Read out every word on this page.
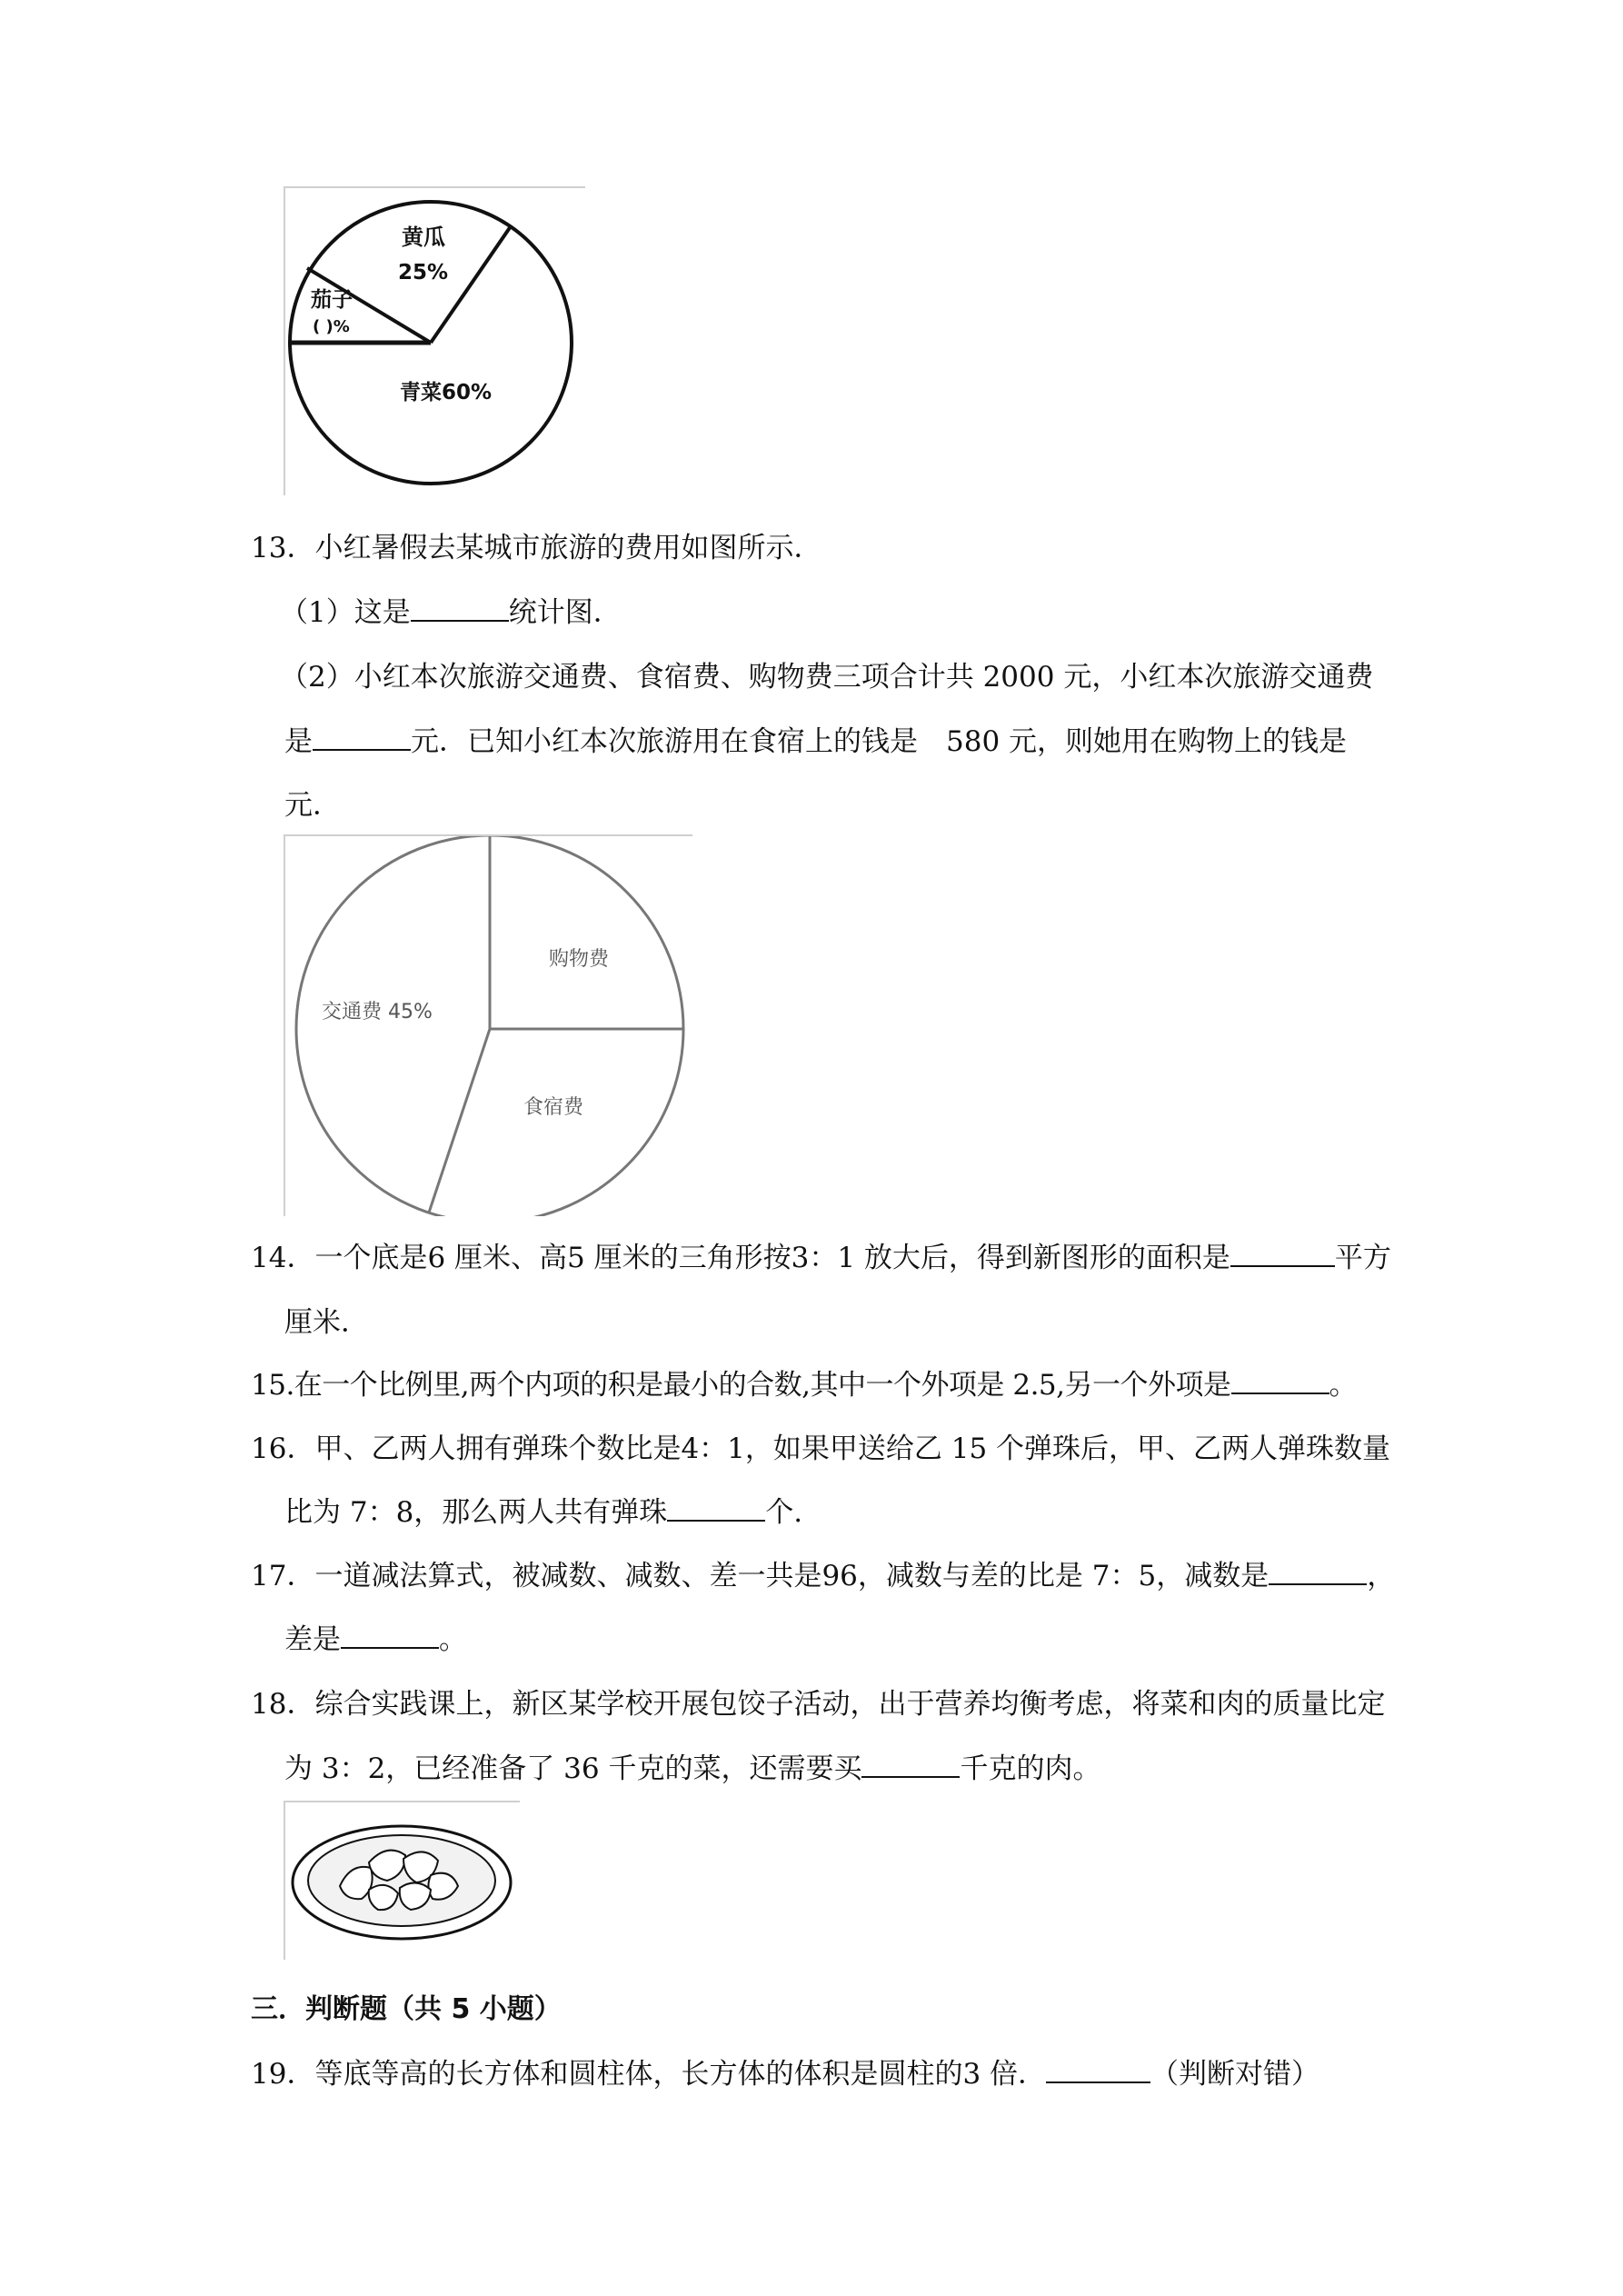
黄瓜
25%
茄子
( )%
青菜60%
13．小红暑假去某城市旅游的费用如图所示．
（1）这是	统计图．
（2）小红本次旅游交通费、食宿费、购物费三项合计共 2000 元，小红本次旅游交通费
是	元．已知小红本次旅游用在食宿上的钱是　580 元，则她用在购物上的钱是
元．
交通费 45%
购物费
食宿费
14．一个底是6 厘米、高5 厘米的三角形按3：1 放大后，得到新图形的面积是	平方
厘米．
15.在一个比例里,两个内项的积是最小的合数,其中一个外项是 2.5,另一个外项是	。
16．甲、乙两人拥有弹珠个数比是4：1，如果甲送给乙 15 个弹珠后，甲、乙两人弹珠数量
比为 7：8，那么两人共有弹珠	个.
17．一道减法算式，被减数、减数、差一共是96，减数与差的比是 7：5，减数是	，
差是	。
18．综合实践课上，新区某学校开展包饺子活动，出于营养均衡考虑，将菜和肉的质量比定
为 3：2，已经准备了 36 千克的菜，还需要买	千克的肉。
三．判断题（共 5 小题）
19．等底等高的长方体和圆柱体，长方体的体积是圆柱的3 倍．	（判断对错）
